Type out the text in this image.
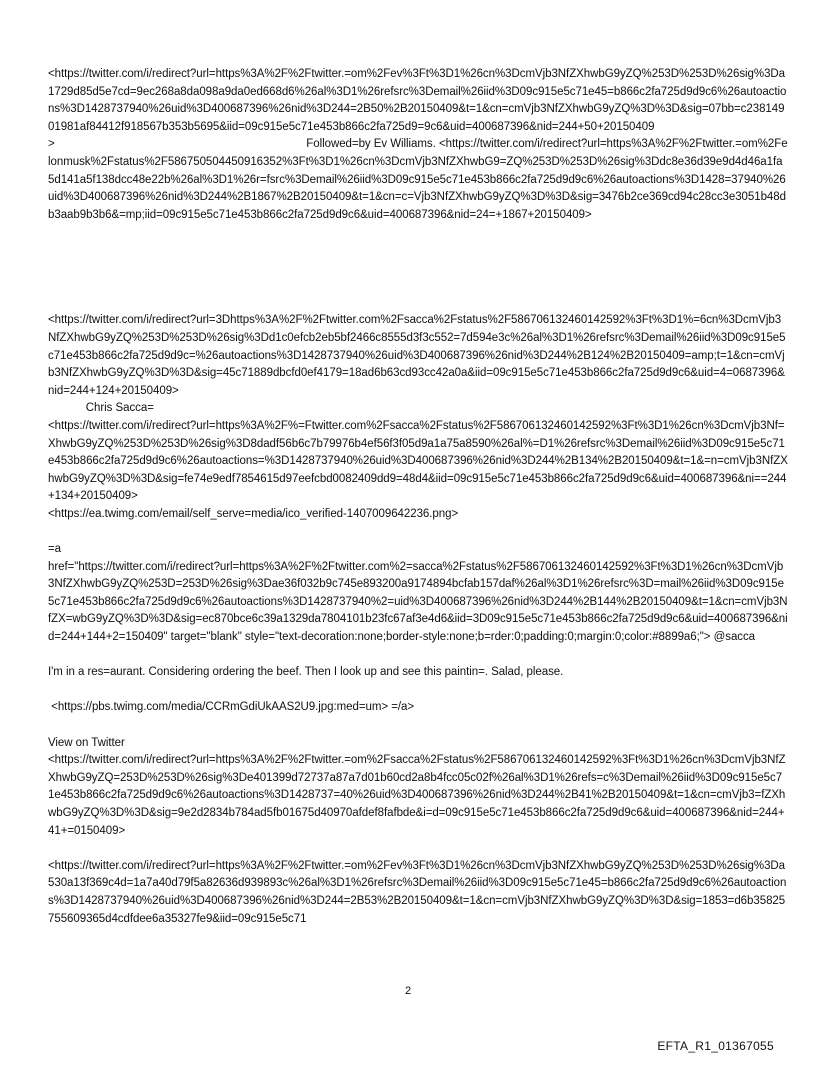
<https://twitter.com/i/redirect?url=https%3A%2F%2Ftwitter.=om%2Fev%3Ft%3D1%26cn%3DcmVjb3NfZXhwbG9yZQ%253D%253D%26sig%3Da1729d85d5e7cd=9ec268a8da098a9da0ed668d6%26al%3D1%26refsrc%3Demail%26iid%3D09c915e5c71e45=b866c2fa725d9d9c6%26autoactions%3D1428737940%26uid%3D400687396%26nid%3D244=2B50%2B20150409&t=1&cn=cmVjb3NfZXhwbG9yZQ%3D%3D&sig=07bb=c23814901981af84412f918567b353b5695&iid=09c915e5c71e453b866c2fa725d9=9c6&uid=400687396&nid=244+50+20150409>	Followed=by Ev Williams. <https://twitter.com/i/redirect?url=https%3A%2F%2Ftwitter.=om%2Felonmusk%2Fstatus%2F586750504450916352%3Ft%3D1%26cn%3DcmVjb3NfZXhwbG9=ZQ%253D%253D%26sig%3Ddc8e36d39e9d4d46a1fa5d141a5f138dcc48e22b%26al%3D1%26r=fsrc%3Demail%26iid%3D09c915e5c71e453b866c2fa725d9d9c6%26autoactions%3D1428=37940%26uid%3D400687396%26nid%3D244%2B1867%2B20150409&t=1&cn=c=Vjb3NfZXhwbG9yZQ%3D%3D&sig=3476b2ce369cd94c28cc3e3051b48db3aab9b3b6&=mp;iid=09c915e5c71e453b866c2fa725d9d9c6&uid=400687396&nid=24=+1867+20150409>

<https://twitter.com/i/redirect?url=3Dhttps%3A%2F%2Ftwitter.com%2Fsacca%2Fstatus%2F586706132460142592%3Ft%3D1%=6cn%3DcmVjb3NfZXhwbG9yZQ%253D%253D%26sig%3Dd1c0efcb2eb5bf2466c8555d3f3c552=7d594e3c%26al%3D1%26refsrc%3Demail%26iid%3D09c915e5c71e453b866c2fa725d9d9c=%26autoactions%3D1428737940%26uid%3D400687396%26nid%3D244%2B124%2B20150409=amp;t=1&cn=cmVjb3NfZXhwbG9yZQ%3D%3D&sig=45c71889dbcfd0ef4179=18ad6b63cd93cc42a0a&iid=09c915e5c71e453b866c2fa725d9d9c6&uid=4=0687396&nid=244+124+20150409>
Chris Sacca=
<https://twitter.com/i/redirect?url=https%3A%2F%=Ftwitter.com%2Fsacca%2Fstatus%2F586706132460142592%3Ft%3D1%26cn%3DcmVjb3Nf=XhwbG9yZQ%253D%253D%26sig%3D8dadf56b6c7b79976b4ef56f3f05d9a1a75a8590%26al%=D1%26refsrc%3Demail%26iid%3D09c915e5c71e453b866c2fa725d9d9c6%26autoactions=%3D1428737940%26uid%3D400687396%26nid%3D244%2B134%2B20150409&t=1&=n=cmVjb3NfZXhwbG9yZQ%3D%3D&sig=fe74e9edf7854615d97eefcbd0082409dd9=48d4&iid=09c915e5c71e453b866c2fa725d9d9c6&uid=400687396&ni==244+134+20150409>
<https://ea.twimg.com/email/self_serve=media/ico_verified-1407009642236.png>

=a
href="https://twitter.com/i/redirect?url=https%3A%2F%2Ftwitter.com%2=sacca%2Fstatus%2F586706132460142592%3Ft%3D1%26cn%3DcmVjb3NfZXhwbG9yZQ%253D=253D%26sig%3Dae36f032b9c745e893200a9174894bcfab157daf%26al%3D1%26refsrc%3D=mail%26iid%3D09c915e5c71e453b866c2fa725d9d9c6%26autoactions%3D1428737940%2=uid%3D400687396%26nid%3D244%2B144%2B20150409&t=1&cn=cmVjb3NfZX=wbG9yZQ%3D%3D&sig=ec870bce6c39a1329da7804101b23fc67af3e4d6&iid=3D09c915e5c71e453b866c2fa725d9d9c6&uid=400687396&nid=244+144+2=150409" target="blank" style="text-decoration:none;border-style:none;b=rder:0;padding:0;margin:0;color:#8899a6;"> @sacca

I'm in a res=aurant. Considering ordering the beef. Then I look up and see this paintin=. Salad, please.

<https://pbs.twimg.com/media/CCRmGdiUkAAS2U9.jpg:med=um> =/a>

View on Twitter
<https://twitter.com/i/redirect?url=https%3A%2F%2Ftwitter.=om%2Fsacca%2Fstatus%2F586706132460142592%3Ft%3D1%26cn%3DcmVjb3NfZXhwbG9yZQ=253D%253D%26sig%3De401399d72737a87a7d01b60cd2a8b4fcc05c02f%26al%3D1%26refs=c%3Demail%26iid%3D09c915e5c71e453b866c2fa725d9d9c6%26autoactions%3D1428737=40%26uid%3D400687396%26nid%3D244%2B41%2B20150409&t=1&cn=cmVjb3=fZXhwbG9yZQ%3D%3D&sig=9e2d2834b784ad5fb01675d40970afdef8fafbde&i=d=09c915e5c71e453b866c2fa725d9d9c6&uid=400687396&nid=244+41+=0150409>

<https://twitter.com/i/redirect?url=https%3A%2F%2Ftwitter.=om%2Fev%3Ft%3D1%26cn%3DcmVjb3NfZXhwbG9yZQ%253D%253D%26sig%3Da530a13f369c4d=1a7a40d79f5a82636d939893c%26al%3D1%26refsrc%3Demail%26iid%3D09c915e5c71e45=b866c2fa725d9d9c6%26autoactions%3D1428737940%26uid%3D400687396%26nid%3D244=2B53%2B20150409&t=1&cn=cmVjb3NfZXhwbG9yZQ%3D%3D&sig=1853=d6b35825755609365d4cdfdee6a35327fe9&iid=09c915e5c71

2
EFTA_R1_01367055
